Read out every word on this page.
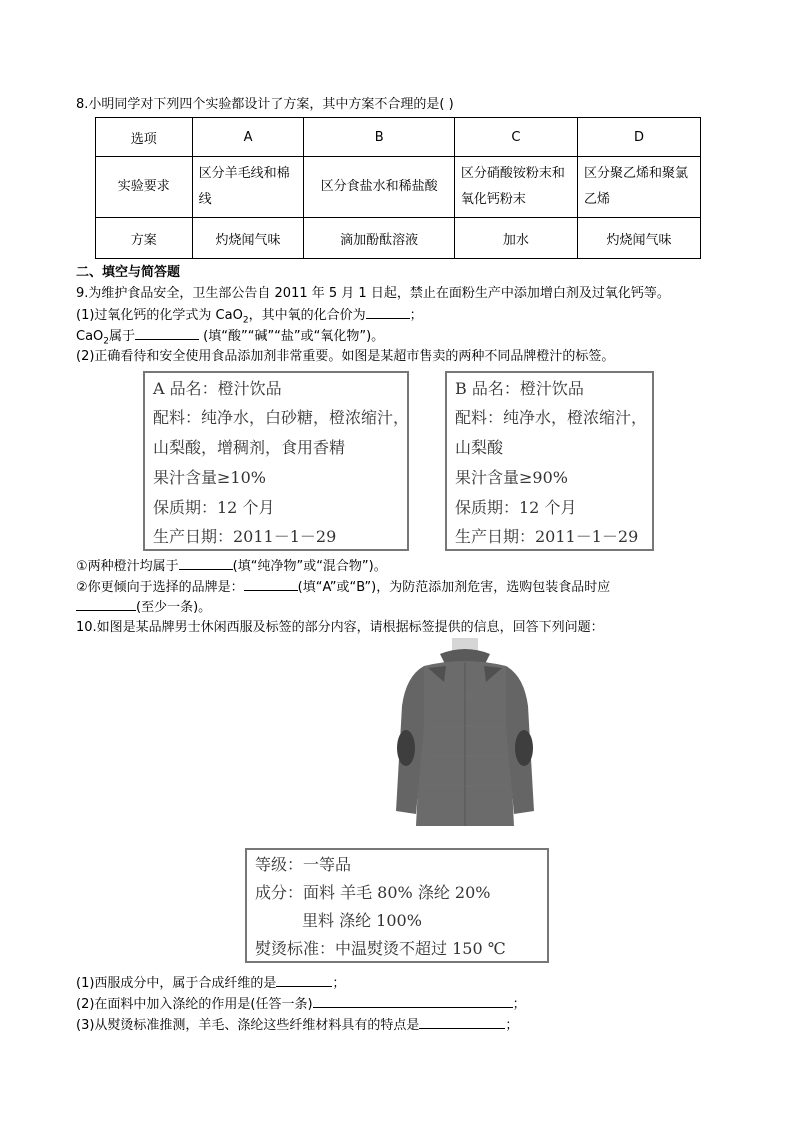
8.小明同学对下列四个实验都设计了方案，其中方案不合理的是( )
选项	A	B	C	D
实验要求	区分羊毛线和棉线	区分食盐水和稀盐酸	区分硝酸铵粉末和氧化钙粉末	区分聚乙烯和聚氯乙烯
方案	灼烧闻气味	滴加酚酞溶液	加水	灼烧闻气味
二、填空与简答题
9.为维护食品安全，卫生部公告自 2011 年 5 月 1 日起，禁止在面粉生产中添加增白剂及过氧化钙等。
(1)过氧化钙的化学式为 CaO$_2$，其中氧的化合价为	；
CaO$_2$属于	(填“酸”“碱”“盐”或“氧化物”)。
(2)正确看待和安全使用食品添加剂非常重要。如图是某超市售卖的两种不同品牌橙汁的标签。
A 品名：橙汁饮品
配料：纯净水，白砂糖，橙浓缩汁，
山梨酸，增稠剂，食用香精
果汁含量≥10%
保质期：12 个月
生产日期：2011－1－29
B 品名：橙汁饮品
配料：纯净水，橙浓缩汁，
山梨酸
果汁含量≥90%
保质期：12 个月
生产日期：2011－1－29
①两种橙汁均属于	(填“纯净物”或“混合物”)。
②你更倾向于选择的品牌是：	(填“A”或“B”)，为防范添加剂危害，选购包装食品时应
(至少一条)。
10.如图是某品牌男士休闲西服及标签的部分内容，请根据标签提供的信息，回答下列问题：
等级：一等品
成分：面料 羊毛 80% 涤纶 20%
里料 涤纶 100%
熨烫标准：中温熨烫不超过 150 ℃
(1)西服成分中，属于合成纤维的是	；
(2)在面料中加入涤纶的作用是(任答一条)	；
(3)从熨烫标准推测，羊毛、涤纶这些纤维材料具有的特点是	；
